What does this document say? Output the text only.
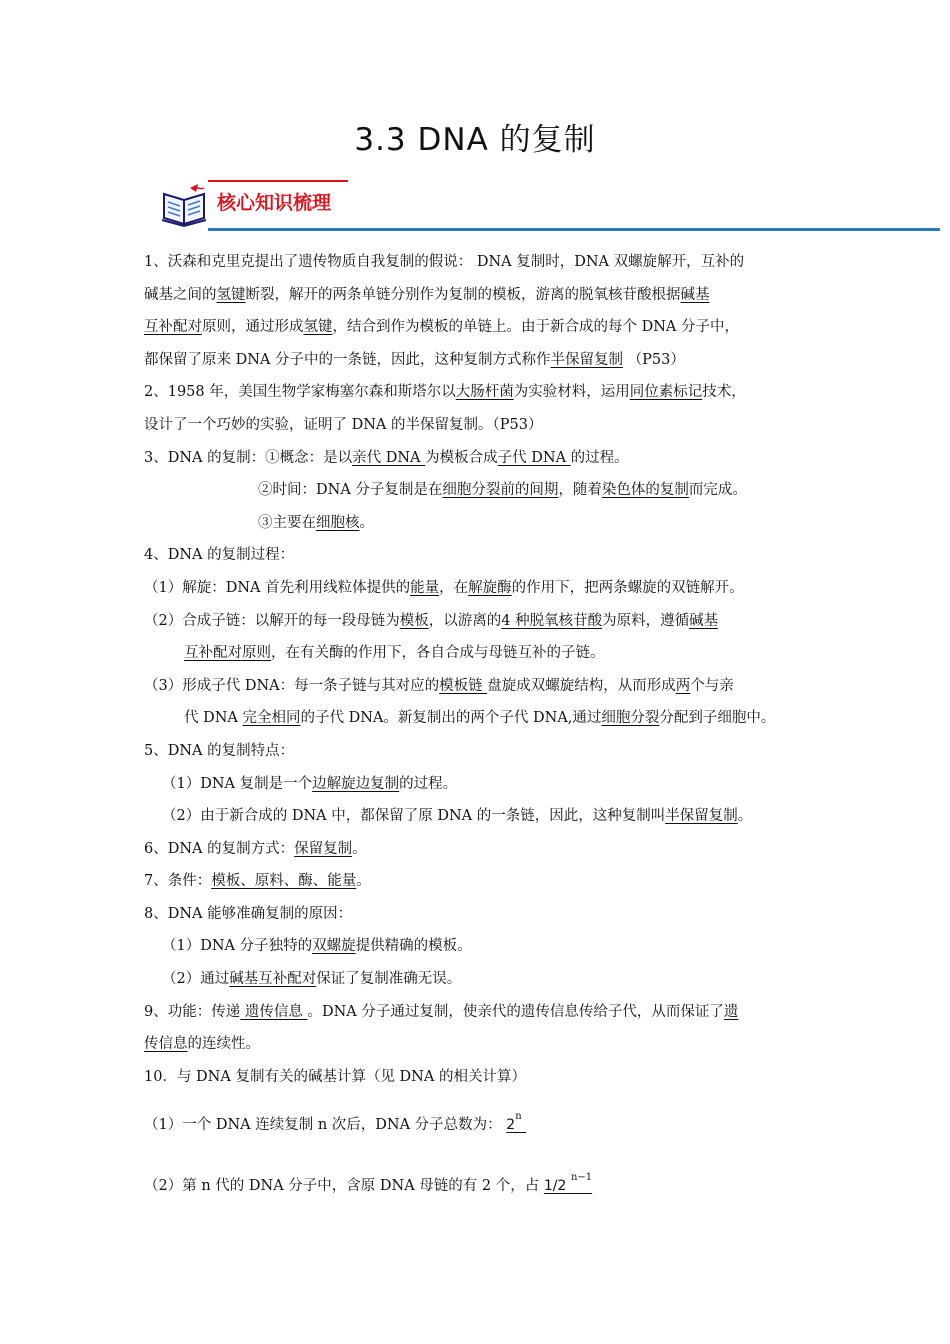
3.3 DNA 的复制
核心知识梳理

1、沃森和克里克提出了遗传物质自我复制的假说： DNA 复制时，DNA 双螺旋解开，互补的

碱基之间的氢键断裂，解开的两条单链分别作为复制的模板，游离的脱氧核苷酸根据碱基

互补配对原则，通过形成氢键，结合到作为模板的单链上。由于新合成的每个 DNA 分子中，

都保留了原来 DNA 分子中的一条链，因此，这种复制方式称作半保留复制 （P53）

2、1958 年，美国生物学家梅塞尔森和斯塔尔以大肠杆菌为实验材料，运用同位素标记技术，

设计了一个巧妙的实验，证明了 DNA 的半保留复制。（P53）

3、DNA 的复制：①概念：是以亲代 DNA 为模板合成子代 DNA 的过程。

②时间：DNA 分子复制是在细胞分裂前的间期，随着染色体的复制而完成。

③主要在细胞核。

4、DNA 的复制过程：

（1）解旋：DNA 首先利用线粒体提供的能量，在解旋酶的作用下，把两条螺旋的双链解开。

（2）合成子链：以解开的每一段母链为模板，以游离的4 种脱氧核苷酸为原料，遵循碱基

互补配对原则，在有关酶的作用下，各自合成与母链互补的子链。

（3）形成子代 DNA：每一条子链与其对应的模板链 盘旋成双螺旋结构，从而形成两个与亲

代 DNA 完全相同的子代 DNA。新复制出的两个子代 DNA,通过细胞分裂分配到子细胞中。

5、DNA 的复制特点：

（1）DNA 复制是一个边解旋边复制的过程。

（2）由于新合成的 DNA 中，都保留了原 DNA 的一条链，因此，这种复制叫半保留复制。

6、DNA 的复制方式：保留复制。

7、条件：模板、原料、酶、能量。

8、DNA 能够准确复制的原因：

（1）DNA 分子独特的双螺旋提供精确的模板。

（2）通过碱基互补配对保证了复制准确无误。

9、功能：传递 遗传信息 。DNA 分子通过复制，使亲代的遗传信息传给子代，从而保证了遗

传信息的连续性。

10．与 DNA 复制有关的碱基计算（见 DNA 的相关计算）

（1）一个 DNA 连续复制 n 次后，DNA 分子总数为： 2$^n$

（2）第 n 代的 DNA 分子中，含原 DNA 母链的有 2 个，占 1/2 $^{n-1}$
